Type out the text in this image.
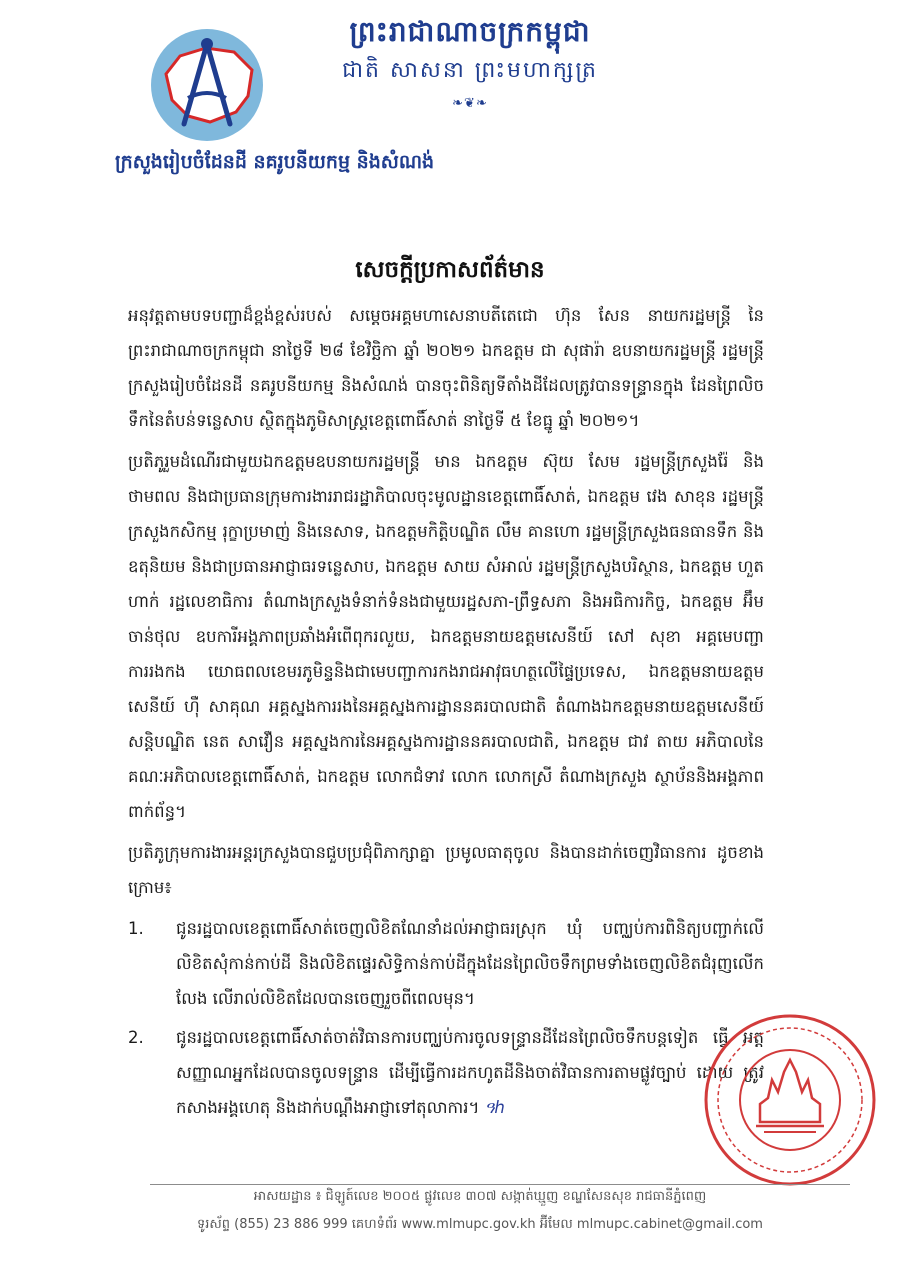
ព្រះរាជាណាចក្រកម្ពុជា
ជាតិ សាសនា ព្រះមហាក្សត្រ
❧❦❧
ក្រសួងរៀបចំដែនដី នគរូបនីយកម្ម និងសំណង់
សេចក្តីប្រកាសព័ត៌មាន

អនុវត្តតាមបទបញ្ជាដ៏ខ្ពង់ខ្ពស់របស់ សម្តេចអគ្គមហាសេនាបតីតេជោ ហ៊ុន សែន នាយករដ្ឋមន្ត្រី នៃព្រះរាជាណាចក្រកម្ពុជា នាថ្ងៃទី ២៨ ខែវិច្ឆិកា ឆ្នាំ ២០២១ ឯកឧត្តម ជា សុផារ៉ា ឧបនាយករដ្ឋមន្ត្រី រដ្ឋមន្ត្រីក្រសួងរៀបចំដែនដី នគរូបនីយកម្ម និងសំណង់ បានចុះពិនិត្យទីតាំងដីដែលត្រូវបានទន្ទ្រានក្នុង ដែនព្រៃលិចទឹកនៃតំបន់ទន្លេសាប ស្ថិតក្នុងភូមិសាស្ត្រខេត្តពោធិ៍សាត់ នាថ្ងៃទី ៥ ខែធ្នូ ឆ្នាំ ២០២១។

ប្រតិភូរួមដំណើរជាមួយឯកឧត្តមឧបនាយករដ្ឋមន្ត្រី មាន ឯកឧត្តម ស៊ុយ សែម រដ្ឋមន្ត្រីក្រសួងរ៉ែ និង ថាមពល និងជាប្រធានក្រុមការងាររាជរដ្ឋាភិបាលចុះមូលដ្ឋានខេត្តពោធិ៍សាត់, ឯកឧត្តម វេង សាខុន រដ្ឋមន្ត្រី ក្រសួងកសិកម្ម រុក្ខាប្រមាញ់ និងនេសាទ, ឯកឧត្តមកិត្តិបណ្ឌិត លឹម គានហោ រដ្ឋមន្ត្រីក្រសួងធនធានទឹក និង ឧតុនិយម និងជាប្រធានអាជ្ញាធរទន្លេសាប, ឯកឧត្តម សាយ សំអាល់ រដ្ឋមន្ត្រីក្រសួងបរិស្ថាន, ឯកឧត្តម ហួត ហាក់ រដ្ឋលេខាធិការ តំណាងក្រសួងទំនាក់ទំនងជាមួយរដ្ឋសភា-ព្រឹទ្ធសភា និងអធិការកិច្ច, ឯកឧត្តម អ៊ឹម ចាន់ថុល ឧបការីអង្គភាពប្រឆាំងអំពើពុករលួយ, ឯកឧត្តមនាយឧត្តមសេនីយ៍ សៅ សុខា អគ្គមេបញ្ជាការរងកង យោធពលខេមរភូមិន្ទនិងជាមេបញ្ជាការកងរាជអាវុធហត្ថលើផ្ទៃប្រទេស, ឯកឧត្តមនាយឧត្តមសេនីយ៍ ហ៊ឺ សាគុណ អគ្គស្នងការរងនៃអគ្គស្នងការដ្ឋាននគរបាលជាតិ តំណាងឯកឧត្តមនាយឧត្តមសេនីយ៍ សន្តិបណ្ឌិត នេត សាវឿន អគ្គស្នងការនៃអគ្គស្នងការដ្ឋាននគរបាលជាតិ, ឯកឧត្តម ជាវ តាយ អភិបាលនៃ គណៈអភិបាលខេត្តពោធិ៍សាត់, ឯកឧត្តម លោកជំទាវ លោក លោកស្រី តំណាងក្រសួង ស្ថាប័ននិងអង្គភាព ពាក់ព័ន្ធ។

ប្រតិភូក្រុមការងារអន្តរក្រសួងបានជួបប្រជុំពិភាក្សាគ្នា ប្រមូលធាតុចូល និងបានដាក់ចេញវិធានការ ដូចខាងក្រោម៖

1. ជូនរដ្ឋបាលខេត្តពោធិ៍សាត់ចេញលិខិតណែនាំដល់អាជ្ញាធរស្រុក ឃុំ បញ្ឈប់ការពិនិត្យបញ្ជាក់លើ លិខិតសុំកាន់កាប់ដី និងលិខិតផ្ទេរសិទ្ធិកាន់កាប់ដីក្នុងដែនព្រៃលិចទឹកព្រមទាំងចេញលិខិតជំរុញលើកលែង លើរាល់លិខិតដែលបានចេញរួចពីពេលមុន។
2. ជូនរដ្ឋបាលខេត្តពោធិ៍សាត់ចាត់វិធានការបញ្ឈប់ការចូលទន្ទ្រានដីដែនព្រៃលិចទឹកបន្តទៀត ធ្វើ អត្តសញ្ញាណអ្នកដែលបានចូលទន្ទ្រាន ដើម្បីធ្វើការដកហូតដីនិងចាត់វិធានការតាមផ្លូវច្បាប់ ដោយ ត្រូវកសាងអង្គហេតុ និងដាក់បណ្តឹងអាជ្ញាទៅតុលាការ។ ዓh
អាសយដ្ឋាន ៖ ជិឡូត៍លេខ ២០០៥ ផ្លូវលេខ ៣០៧ សង្កាត់ឃ្មួញ ខណ្ឌសែនសុខ រាជធានីភ្នំពេញ
ទូរស័ព្ទ (855) 23 886 999 គេហទំព័រ www.mlmupc.gov.kh អ៊ីមែល mlmupc.cabinet@gmail.com
